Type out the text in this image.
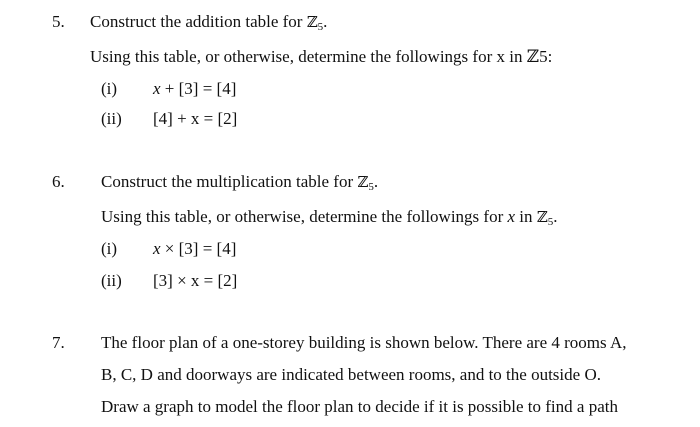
5. Construct the addition table for ℤ$_5$.
Using this table, or otherwise, determine the followings for x in ℤ5:
(i) x + [3] = [4]
(ii) [4] + x = [2]
6. Construct the multiplication table for ℤ$_5$.
Using this table, or otherwise, determine the followings for x in ℤ$_5$.
(i) x × [3] = [4]
(ii) [3] × x = [2]
7. The floor plan of a one-storey building is shown below. There are 4 rooms A,
B, C, D and doorways are indicated between rooms, and to the outside O.
Draw a graph to model the floor plan to decide if it is possible to find a path
